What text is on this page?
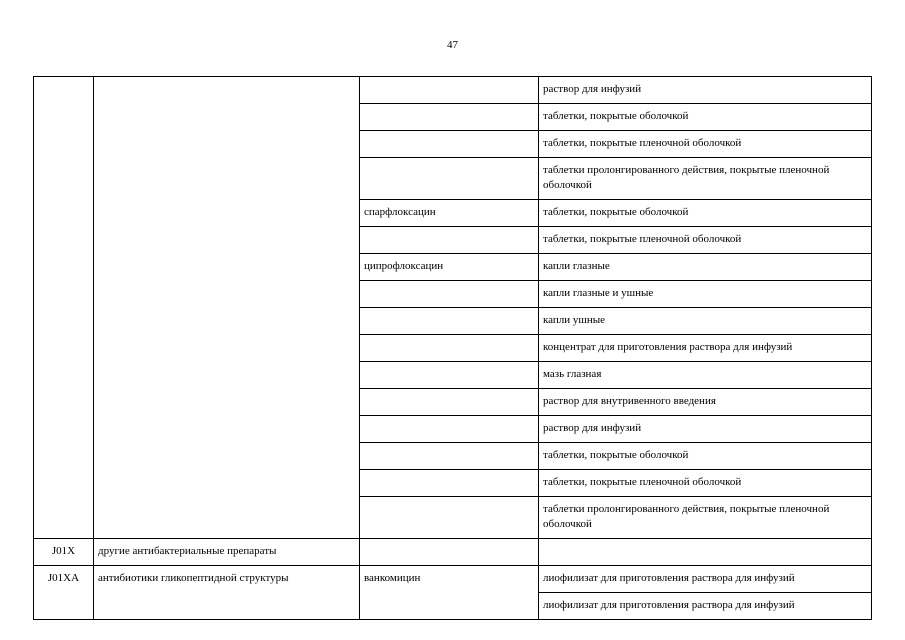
47
			раствор для инфузий
			таблетки, покрытые оболочкой
			таблетки, покрытые пленочной оболочкой
			таблетки пролонгированного действия, покрытые пленочной оболочкой
		спарфлоксацин	таблетки, покрытые оболочкой
			таблетки, покрытые пленочной оболочкой
		ципрофлоксацин	капли глазные
			капли глазные и ушные
			капли ушные
			концентрат для приготовления раствора для инфузий
			мазь глазная
			раствор для внутривенного введения
			раствор для инфузий
			таблетки, покрытые оболочкой
			таблетки, покрытые пленочной оболочкой
			таблетки пролонгированного действия, покрытые пленочной оболочкой
J01X	другие антибактериальные препараты		
J01XA	антибиотики гликопептидной структуры	ванкомицин	лиофилизат для приготовления раствора для инфузий
			лиофилизат для приготовления раствора для инфузий
